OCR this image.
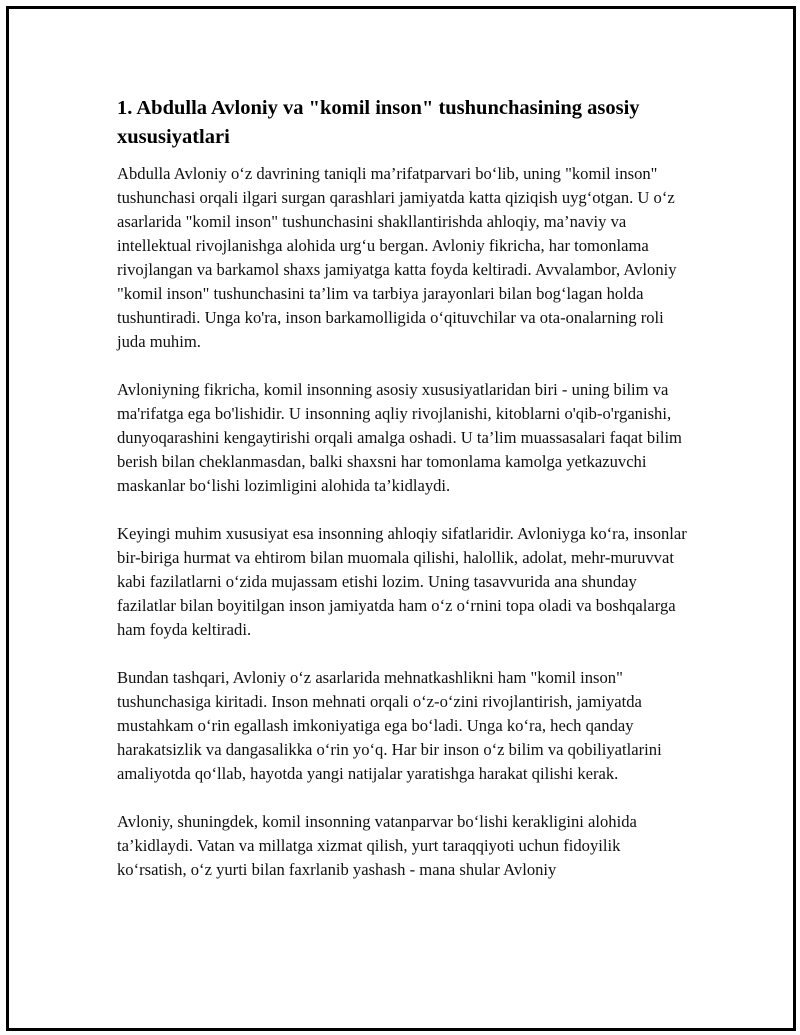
1. Abdulla Avloniy va "komil inson" tushunchasining asosiy xususiyatlari

Abdulla Avloniy o‘z davrining taniqli ma’rifatparvari bo‘lib, uning "komil inson" tushunchasi orqali ilgari surgan qarashlari jamiyatda katta qiziqish uyg‘otgan. U o‘z asarlarida "komil inson" tushunchasini shakllantirishda ahloqiy, ma’naviy va intellektual rivojlanishga alohida urg‘u bergan. Avloniy fikricha, har tomonlama rivojlangan va barkamol shaxs jamiyatga katta foyda keltiradi. Avvalambor, Avloniy "komil inson" tushunchasini ta’lim va tarbiya jarayonlari bilan bog‘lagan holda tushuntiradi. Unga ko'ra, inson barkamolligida o‘qituvchilar va ota-onalarning roli juda muhim.

Avloniyning fikricha, komil insonning asosiy xususiyatlaridan biri - uning bilim va ma'rifatga ega bo'lishidir. U insonning aqliy rivojlanishi, kitoblarni o'qib-o'rganishi, dunyoqarashini kengaytirishi orqali amalga oshadi. U ta’lim muassasalari faqat bilim berish bilan cheklanmasdan, balki shaxsni har tomonlama kamolga yetkazuvchi maskanlar bo‘lishi lozimligini alohida ta’kidlaydi.

Keyingi muhim xususiyat esa insonning ahloqiy sifatlaridir. Avloniyga ko‘ra, insonlar bir-biriga hurmat va ehtirom bilan muomala qilishi, halollik, adolat, mehr-muruvvat kabi fazilatlarni o‘zida mujassam etishi lozim. Uning tasavvurida ana shunday fazilatlar bilan boyitilgan inson jamiyatda ham o‘z o‘rnini topa oladi va boshqalarga ham foyda keltiradi.

Bundan tashqari, Avloniy o‘z asarlarida mehnatkashlikni ham "komil inson" tushunchasiga kiritadi. Inson mehnati orqali o‘z-o‘zini rivojlantirish, jamiyatda mustahkam o‘rin egallash imkoniyatiga ega bo‘ladi. Unga ko‘ra, hech qanday harakatsizlik va dangasalikka o‘rin yo‘q. Har bir inson o‘z bilim va qobiliyatlarini amaliyotda qo‘llab, hayotda yangi natijalar yaratishga harakat qilishi kerak.

Avloniy, shuningdek, komil insonning vatanparvar bo‘lishi kerakligini alohida ta’kidlaydi. Vatan va millatga xizmat qilish, yurt taraqqiyoti uchun fidoyilik ko‘rsatish, o‘z yurti bilan faxrlanib yashash - mana shular Avloniy
